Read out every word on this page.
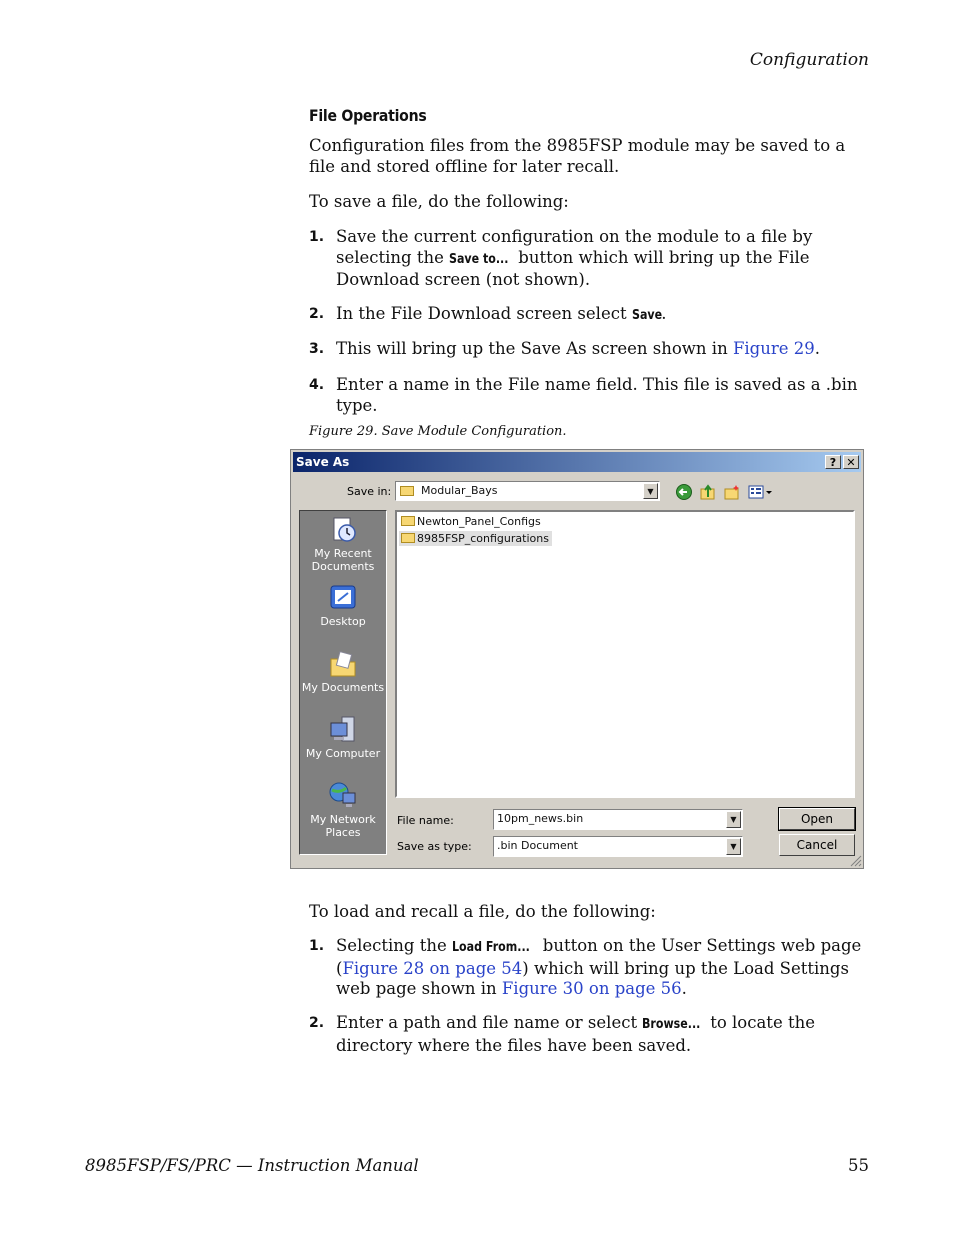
Configuration
File Operations
Configuration files from the 8985FSP module may be saved to a file and stored offline for later recall.
To save a file, do the following:
1. Save the current configuration on the module to a file by selecting the Save to... button which will bring up the File Download screen (not shown).
2. In the File Download screen select Save.
3. This will bring up the Save As screen shown in Figure 29.
4. Enter a name in the File name field. This file is saved as a .bin type.
Figure 29. Save Module Configuration.
Save As	? ✕
Save in:	Modular_Bays	▼
My Recent Documents
Desktop
My Documents
My Computer
My Network Places
Newton_Panel_Configs
8985FSP_configurations
File name:	10pm_news.bin	▼
Save as type: .bin Document	▼
Open
Cancel
To load and recall a file, do the following:
1. Selecting the Load From... button on the User Settings web page (Figure 28 on page 54) which will bring up the Load Settings web page shown in Figure 30 on page 56.
2. Enter a path and file name or select Browse... to locate the directory where the files have been saved.
8985FSP/FS/PRC — Instruction Manual	55
